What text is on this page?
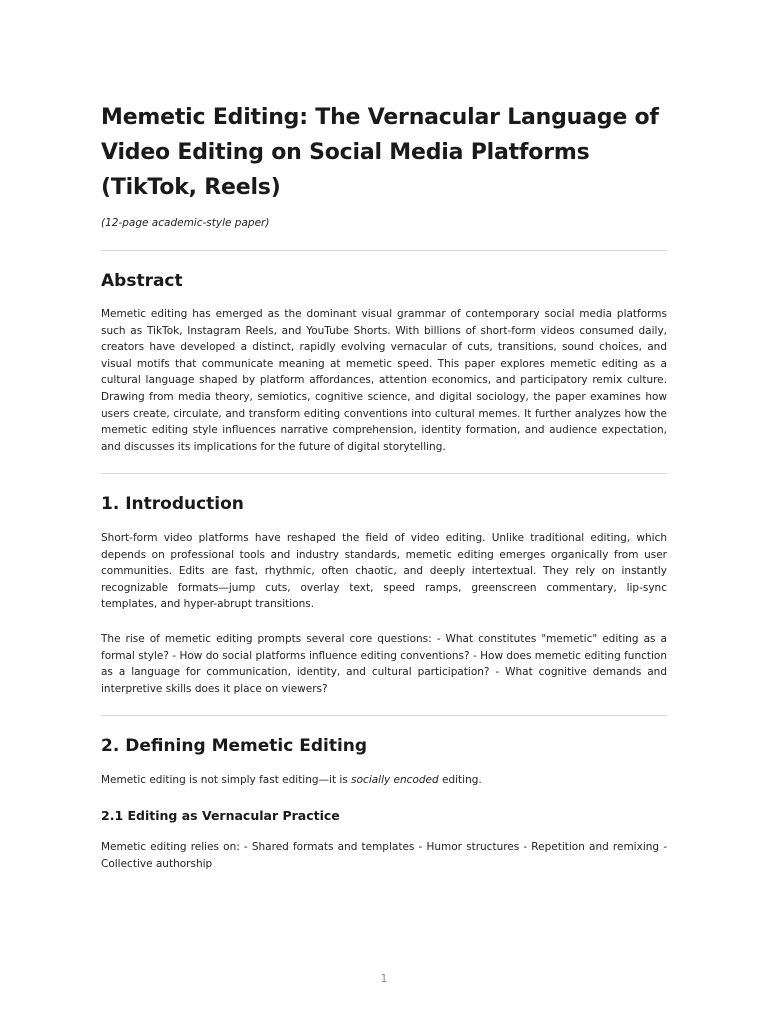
Memetic Editing: The Vernacular Language of Video Editing on Social Media Platforms (TikTok, Reels)

(12-page academic-style paper)

Abstract

Memetic editing has emerged as the dominant visual grammar of contemporary social media platforms such as TikTok, Instagram Reels, and YouTube Shorts. With billions of short-form videos consumed daily, creators have developed a distinct, rapidly evolving vernacular of cuts, transitions, sound choices, and visual motifs that communicate meaning at memetic speed. This paper explores memetic editing as a cultural language shaped by platform affordances, attention economics, and participatory remix culture. Drawing from media theory, semiotics, cognitive science, and digital sociology, the paper examines how users create, circulate, and transform editing conventions into cultural memes. It further analyzes how the memetic editing style influences narrative comprehension, identity formation, and audience expectation, and discusses its implications for the future of digital storytelling.

1. Introduction

Short-form video platforms have reshaped the field of video editing. Unlike traditional editing, which depends on professional tools and industry standards, memetic editing emerges organically from user communities. Edits are fast, rhythmic, often chaotic, and deeply intertextual. They rely on instantly recognizable formats—jump cuts, overlay text, speed ramps, greenscreen commentary, lip-sync templates, and hyper-abrupt transitions.

The rise of memetic editing prompts several core questions: - What constitutes "memetic" editing as a formal style? - How do social platforms influence editing conventions? - How does memetic editing function as a language for communication, identity, and cultural participation? - What cognitive demands and interpretive skills does it place on viewers?

2. Defining Memetic Editing

Memetic editing is not simply fast editing—it is socially encoded editing.

2.1 Editing as Vernacular Practice

Memetic editing relies on: - Shared formats and templates - Humor structures - Repetition and remixing - Collective authorship

1
